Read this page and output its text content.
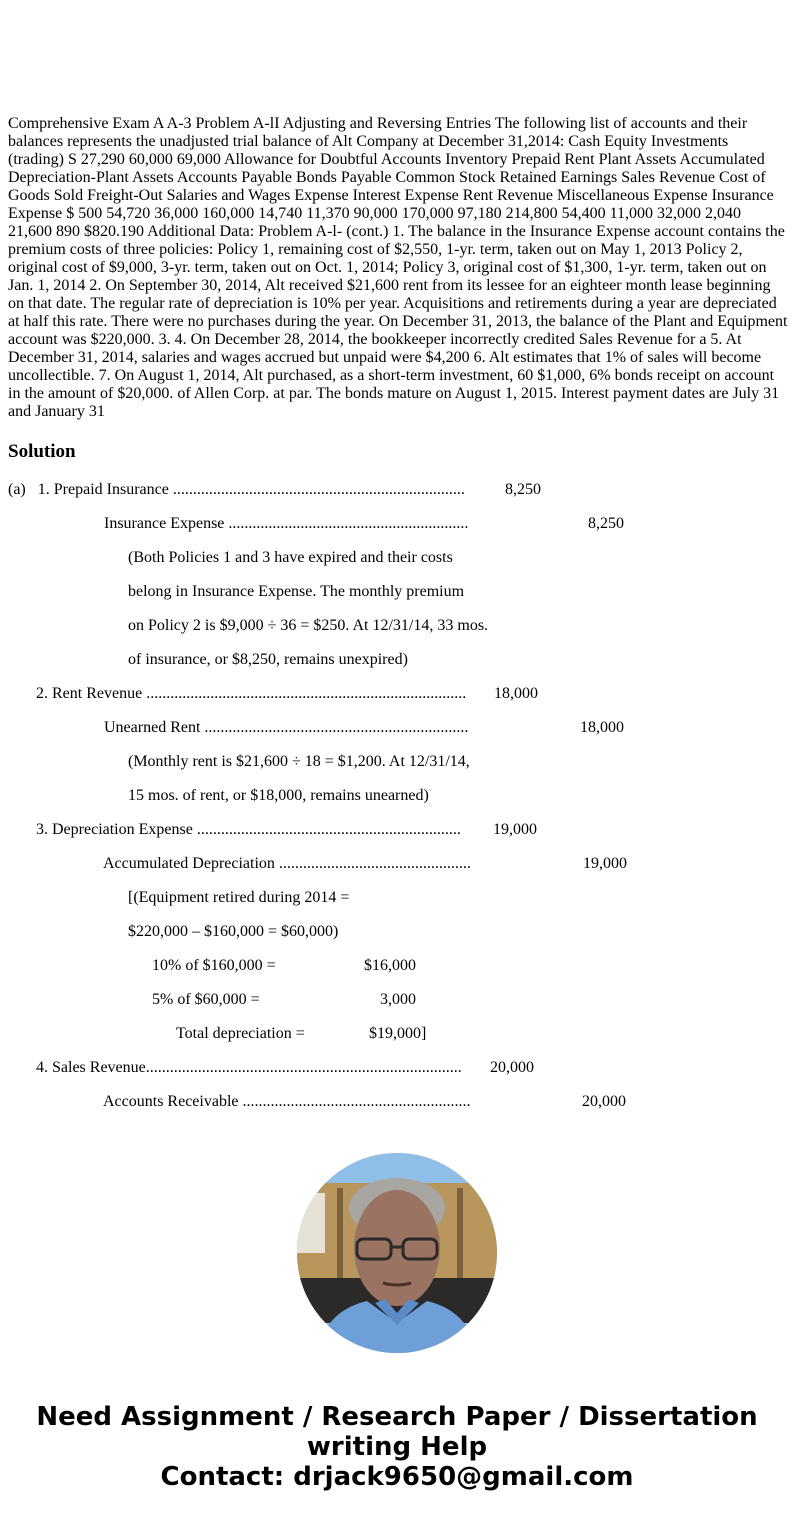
Comprehensive Exam A A-3 Problem A-lI Adjusting and Reversing Entries The following list of accounts and their balances represents the unadjusted trial balance of Alt Company at December 31,2014: Cash Equity Investments (trading) S 27,290 60,000 69,000 Allowance for Doubtful Accounts Inventory Prepaid Rent Plant Assets Accumulated Depreciation-Plant Assets Accounts Payable Bonds Payable Common Stock Retained Earnings Sales Revenue Cost of Goods Sold Freight-Out Salaries and Wages Expense Interest Expense Rent Revenue Miscellaneous Expense Insurance Expense $ 500 54,720 36,000 160,000 14,740 11,370 90,000 170,000 97,180 214,800 54,400 11,000 32,000 2,040 21,600 890 $820.190 Additional Data: Problem A-l- (cont.) 1. The balance in the Insurance Expense account contains the premium costs of three policies: Policy 1, remaining cost of $2,550, 1-yr. term, taken out on May 1, 2013 Policy 2, original cost of $9,000, 3-yr. term, taken out on Oct. 1, 2014; Policy 3, original cost of $1,300, 1-yr. term, taken out on Jan. 1, 2014 2. On September 30, 2014, Alt received $21,600 rent from its lessee for an eighteer month lease beginning on that date. The regular rate of depreciation is 10% per year. Acquisitions and retirements during a year are depreciated at half this rate. There were no purchases during the year. On December 31, 2013, the balance of the Plant and Equipment account was $220,000. 3. 4. On December 28, 2014, the bookkeeper incorrectly credited Sales Revenue for a 5. At December 31, 2014, salaries and wages accrued but unpaid were $4,200 6. Alt estimates that 1% of sales will become uncollectible. 7. On August 1, 2014, Alt purchased, as a short-term investment, 60 $1,000, 6% bonds receipt on account in the amount of $20,000. of Allen Corp. at par. The bonds mature on August 1, 2015. Interest payment dates are July 31 and January 31

Solution
(a)   1. Prepaid Insurance .........................................................................	8,250
Insurance Expense ............................................................	8,250
(Both Policies 1 and 3 have expired and their costs
belong in Insurance Expense. The monthly premium
on Policy 2 is $9,000 ÷ 36 = $250. At 12/31/14, 33 mos.
of insurance, or $8,250, remains unexpired)
2. Rent Revenue ................................................................................ 18,000
Unearned Rent ..................................................................	18,000
(Monthly rent is $21,600 ÷ 18 = $1,200. At 12/31/14,
15 mos. of rent, or $18,000, remains unearned)
3. Depreciation Expense .................................................................. 19,000
Accumulated Depreciation ................................................	19,000
[(Equipment retired during 2014 =
$220,000 – $160,000 = $60,000)
10% of $160,000 =	$16,000
5% of $60,000 =	3,000
Total depreciation =	$19,000]
4. Sales Revenue............................................................................... 20,000
Accounts Receivable .........................................................	20,000
Need Assignment / Research Paper / Dissertation
writing Help
Contact: drjack9650@gmail.com
